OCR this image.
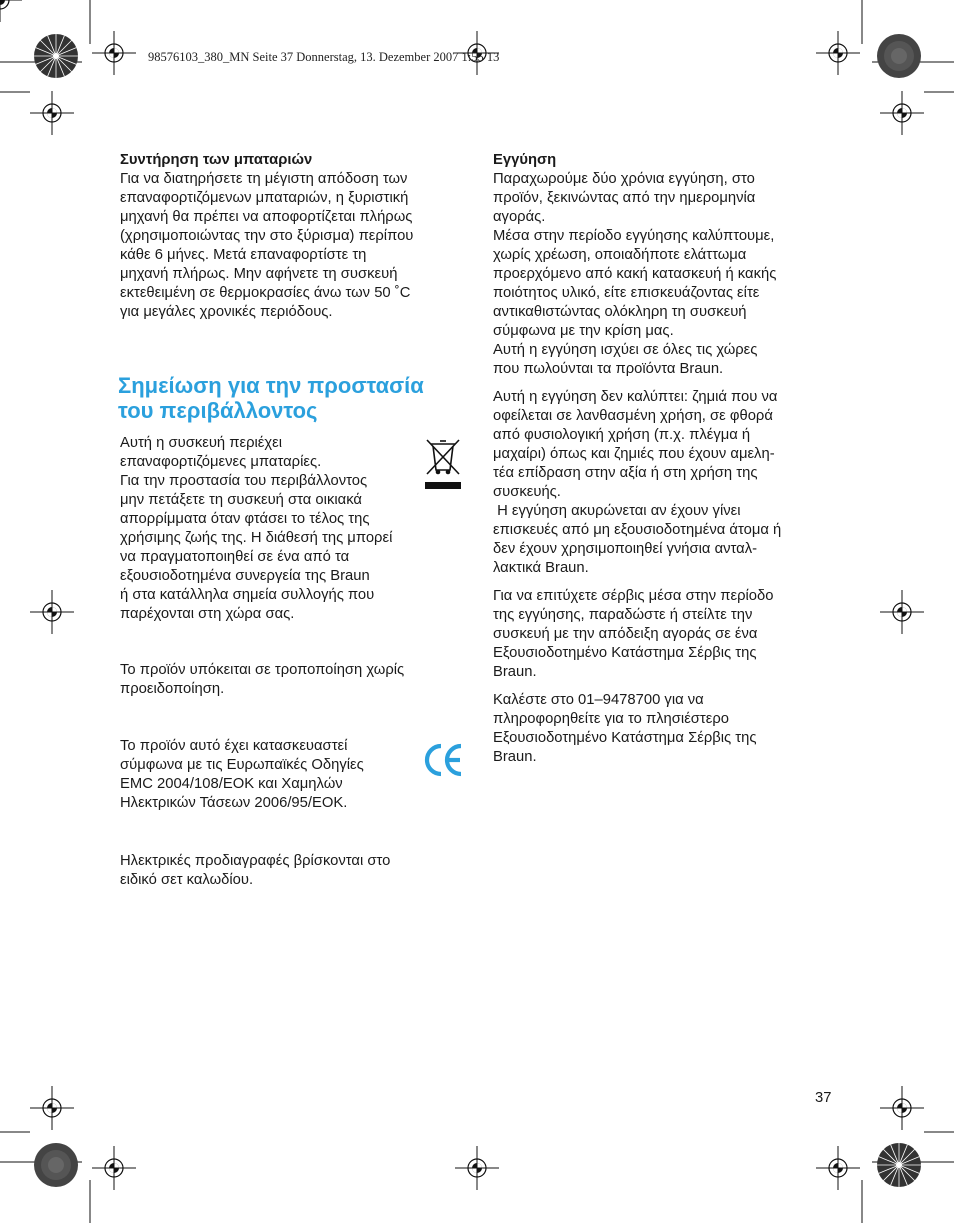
98576103_380_MN Seite 37 Donnerstag, 13. Dezember 2007 1:55 13

Συντήρηση των μπαταριών

Για να διατηρήσετε τη μέγιστη απόδοση των

επαναφορτιζόμενων μπαταριών, η ξυριστική

μηχανή θα πρέπει να αποφορτίζεται πλήρως

(χρησιμοποιώντας την στο ξύρισμα) περίπου

κάθε 6 μήνες. Μετά επαναφορτίστε τη

μηχανή πλήρως. Μην αφήνετε τη συσκευή

εκτεθειμένη σε θερμοκρασίες άνω των 50 ˚C

για μεγάλες χρονικές περιόδους.

Σημείωση για την προστασία
του περιβάλλοντος

Αυτή η συσκευή περιέχει

επαναφορτιζόμενες μπαταρίες.

Για την προστασία του περιβάλλοντος

μην πετάξετε τη συσκευή στα οικιακά

απορρίμματα όταν φτάσει το τέλος της

χρήσιμης ζωής της. Η διάθεσή της μπορεί

να πραγματοποιηθεί σε ένα από τα

εξουσιοδοτημένα συνεργεία της Braun

ή στα κατάλληλα σημεία συλλογής που

παρέχονται στη χώρα σας.

Το προϊόν υπόκειται σε τροποποίηση χωρίς
προειδοποίηση.
Το προϊόν αυτό έχει κατασκευαστεί
σύμφωνα με τις Ευρωπαϊκές Οδηγίες
EMC 2004/108/ΕΟΚ και Χαμηλών
Ηλεκτρικών Τάσεων 2006/95/ΕΟΚ.
Ηλεκτρικές προδιαγραφές βρίσκονται στο
ειδικό σετ καλωδίου.

Εγγύηση

Παραχωρούμε δύο χρόνια εγγύηση, στο

προϊόν, ξεκινώντας από την ημερομηνία

αγοράς.

Μέσα στην περίοδο εγγύησης καλύπτουμε,

χωρίς χρέωση, οποιαδήποτε ελάττωμα

προερχόμενο από κακή κατασκευή ή κακής

ποιότητος υλικό, είτε επισκευάζοντας είτε

αντικαθιστώντας ολόκληρη τη συσκευή

σύμφωνα με την κρίση μας.

Αυτή η εγγύηση ισχύει σε όλες τις χώρες

που πωλούνται τα προϊόντα Braun.

Αυτή η εγγύηση δεν καλύπτει: ζημιά που να

οφείλεται σε λανθασμένη χρήση, σε φθορά

από φυσιολογική χρήση (π.χ. πλέγμα ή

μαχαίρι) όπως και ζημιές που έχουν αμελη-

τέα επίδραση στην αξία ή στη χρήση της

συσκευής.

Η εγγύηση ακυρώνεται αν έχουν γίνει

επισκευές από μη εξουσιοδοτημένα άτομα ή

δεν έχουν χρησιμοποιηθεί γνήσια ανταλ-

λακτικά Braun.

Για να επιτύχετε σέρβις μέσα στην περίοδο

της εγγύησης, παραδώστε ή στείλτε την

συσκευή με την απόδειξη αγοράς σε ένα

Εξουσιοδοτημένο Κατάστημα Σέρβις της

Braun.

Καλέστε στο 01–9478700 για να

πληροφορηθείτε για το πλησιέστερο

Εξουσιοδοτημένο Κατάστημα Σέρβις της

Braun.

37
